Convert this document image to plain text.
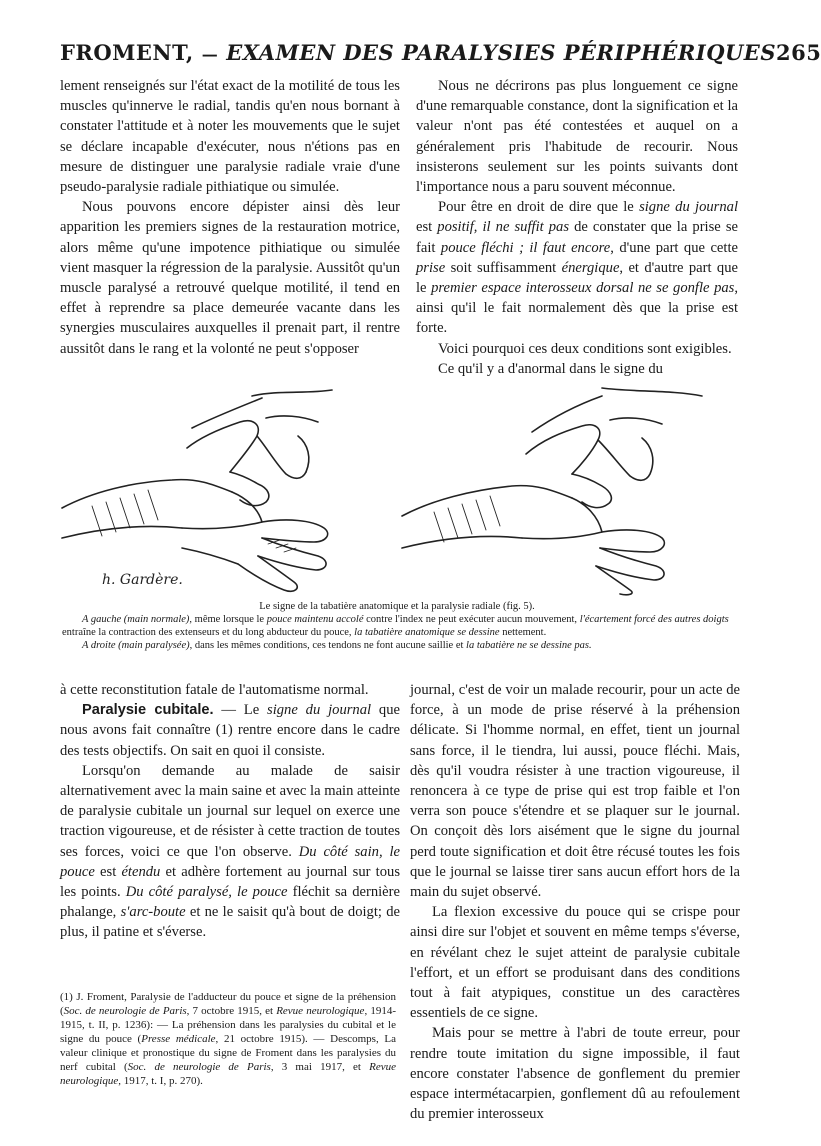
FROMENT, — EXAMEN DES PARALYSIES PÉRIPHÉRIQUES 265

lement renseignés sur l'état exact de la motilité de tous les muscles qu'innerve le radial, tandis qu'en nous bornant à constater l'attitude et à noter les mouvements que le sujet se déclare incapable d'exécuter, nous n'étions pas en mesure de distinguer une paralysie radiale vraie d'une pseudo-paralysie radiale pithiatique ou simulée.

Nous pouvons encore dépister ainsi dès leur apparition les premiers signes de la restauration motrice, alors même qu'une impotence pithiatique ou simulée vient masquer la régression de la paralysie. Aussitôt qu'un muscle paralysé a retrouvé quelque motilité, il tend en effet à reprendre sa place demeurée vacante dans les synergies musculaires auxquelles il prenait part, il rentre aussitôt dans le rang et la volonté ne peut s'opposer

Nous ne décrirons pas plus longuement ce signe d'une remarquable constance, dont la signification et la valeur n'ont pas été contestées et auquel on a généralement pris l'habitude de recourir. Nous insisterons seulement sur les points suivants dont l'importance nous a paru souvent méconnue.

Pour être en droit de dire que le signe du journal est positif, il ne suffit pas de constater que la prise se fait pouce fléchi ; il faut encore, d'une part que cette prise soit suffisamment énergique, et d'autre part que le premier espace interosseux dorsal ne se gonfle pas, ainsi qu'il le fait normalement dès que la prise est forte.

Voici pourquoi ces deux conditions sont exigibles.

Ce qu'il y a d'anormal dans le signe du

h. Gardère.

Le signe de la tabatière anatomique et la paralysie radiale (fig. 5).

A gauche (main normale), même lorsque le pouce maintenu accolé contre l'index ne peut exécuter aucun mouvement, l'écartement forcé des autres doigts entraîne la contraction des extenseurs et du long abducteur du pouce, la tabatière anatomique se dessine nettement.

A droite (main paralysée), dans les mêmes conditions, ces tendons ne font aucune saillie et la tabatière ne se dessine pas.

à cette reconstitution fatale de l'automatisme normal.

Paralysie cubitale. — Le signe du journal que nous avons fait connaître (1) rentre encore dans le cadre des tests objectifs. On sait en quoi il consiste.

Lorsqu'on demande au malade de saisir alternativement avec la main saine et avec la main atteinte de paralysie cubitale un journal sur lequel on exerce une traction vigoureuse, et de résister à cette traction de toutes ses forces, voici ce que l'on observe. Du côté sain, le pouce est étendu et adhère fortement au journal sur tous les points. Du côté paralysé, le pouce fléchit sa dernière phalange, s'arc-boute et ne le saisit qu'à bout de doigt; de plus, il patine et s'éverse.

(1) J. Froment, Paralysie de l'adducteur du pouce et signe de la préhension (Soc. de neurologie de Paris, 7 octobre 1915, et Revue neurologique, 1914-1915, t. II, p. 1236): — La préhension dans les paralysies du cubital et le signe du pouce (Presse médicale, 21 octobre 1915). — Descomps, La valeur clinique et pronostique du signe de Froment dans les paralysies du nerf cubital (Soc. de neurologie de Paris, 3 mai 1917, et Revue neurologique, 1917, t. I, p. 270).

journal, c'est de voir un malade recourir, pour un acte de force, à un mode de prise réservé à la préhension délicate. Si l'homme normal, en effet, tient un journal sans force, il le tiendra, lui aussi, pouce fléchi. Mais, dès qu'il voudra résister à une traction vigoureuse, il renoncera à ce type de prise qui est trop faible et l'on verra son pouce s'étendre et se plaquer sur le journal. On conçoit dès lors aisément que le signe du journal perd toute signification et doit être récusé toutes les fois que le journal se laisse tirer sans aucun effort hors de la main du sujet observé.

La flexion excessive du pouce qui se crispe pour ainsi dire sur l'objet et souvent en même temps s'éverse, en révélant chez le sujet atteint de paralysie cubitale l'effort, et un effort se produisant dans des conditions tout à fait atypiques, constitue un des caractères essentiels de ce signe.

Mais pour se mettre à l'abri de toute erreur, pour rendre toute imitation du signe impossible, il faut encore constater l'absence de gonflement du premier espace intermétacarpien, gonflement dû au refoulement du premier interosseux
